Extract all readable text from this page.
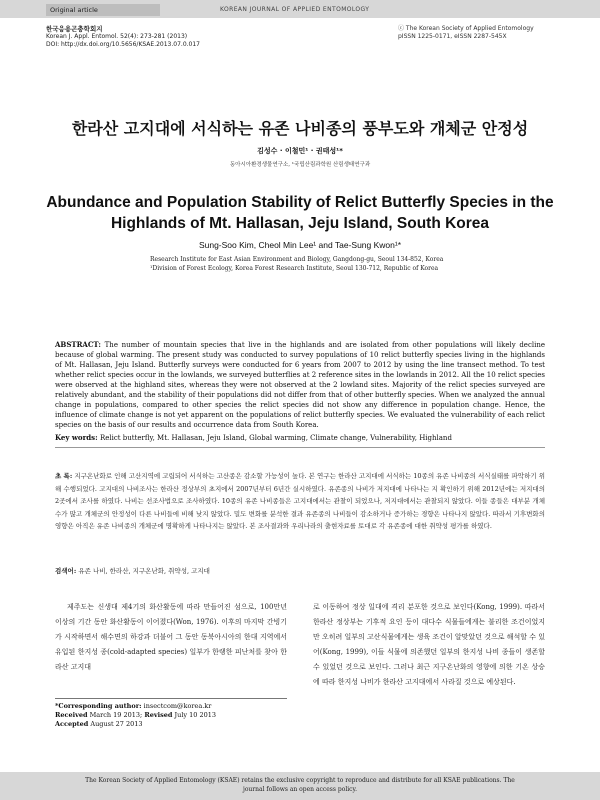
Original article	KOREAN JOURNAL OF APPLIED ENTOMOLOGY
한국응용곤충학회지
Korean J. Appl. Entomol. 52(4): 273-281 (2013)
DOI: http://dx.doi.org/10.5656/KSAE.2013.07.0.017
ⓒ The Korean Society of Applied Entomology
pISSN 1225-0171, eISSN 2287-545X
한라산 고지대에 서식하는 유존 나비종의 풍부도와 개체군 안정성
김성수 · 이철민¹ · 권태성¹*
동아시아환경생물연구소, ¹국립산림과학원 산림생태연구과
Abundance and Population Stability of Relict Butterfly Species in the Highlands of Mt. Hallasan, Jeju Island, South Korea
Sung-Soo Kim, Cheol Min Lee¹ and Tae-Sung Kwon¹*
Research Institute for East Asian Environment and Biology, Gangdong-gu, Seoul 134-852, Korea
¹Division of Forest Ecology, Korea Forest Research Institute, Seoul 130-712, Republic of Korea

ABSTRACT: The number of mountain species that live in the highlands and are isolated from other populations will likely decline because of global warming. The present study was conducted to survey populations of 10 relict butterfly species living in the highlands of Mt. Hallasan, Jeju Island. Butterfly surveys were conducted for 6 years from 2007 to 2012 by using the line transect method. To test whether relict species occur in the lowlands, we surveyed butterflies at 2 reference sites in the lowlands in 2012. All the 10 relict species were observed at the highland sites, whereas they were not observed at the 2 lowland sites. Majority of the relict species surveyed are relatively abundant, and the stability of their populations did not differ from that of other butterfly species. When we analyzed the annual change in populations, compared to other species the relict species did not show any difference in population change. Hence, the influence of climate change is not yet apparent on the populations of relict butterfly species. We evaluated the vulnerability of each relict species on the basis of our results and occurrence data from South Korea.

Key words: Relict butterfly, Mt. Hallasan, Jeju Island, Global warming, Climate change, Vulnerability, Highland

초 록: 지구온난화로 인해 고산지역에 고립되어 서식하는 고산종은 감소할 가능성이 높다. 본 연구는 한라산 고지대에 서식하는 10종의 유존 나비종의 서식실태를 파악하기 위해 수행되었다. 고지대의 나비조사는 한라산 정상부의 초지에서 2007년부터 6년간 실시하였다. 유존종의 나비가 저지대에 나타나는 지 확인하기 위해 2012년에는 저지대의 2곳에서 조사를 하였다. 나비는 선조사법으로 조사하였다. 10종의 유존 나비종들은 고지대에서는 관찰이 되었으나, 저지대에서는 관찰되지 않았다. 이들 종들은 대부분 개체수가 많고 개체군의 안정성이 다른 나비들에 비해 낮지 않았다. 밀도 변화를 분석한 결과 유존종의 나비들이 감소하거나 증가하는 경향은 나타나지 않았다. 따라서 기후변화의 영향은 아직은 유존 나비종의 개체군에 명확하게 나타나지는 않았다. 본 조사결과와 우리나라의 출현자료를 토대로 각 유존종에 대한 취약성 평가를 하였다.
검색어: 유존 나비, 한라산, 지구온난화, 취약성, 고지대

제주도는 신생대 제4기의 화산활동에 따라 만들어진 섬으로, 100만년 이상의 기간 동안 화산활동이 이어졌다(Won, 1976). 이후의 마지막 간빙기가 시작하면서 해수면의 하강과 더불어 그 동안 동북아시아의 한대 지역에서 유입된 한지성 종(cold-adapted species) 일부가 한랭한 피난처를 찾아 한라산 고지대

로 이동하여 정상 일대에 격리 분포한 것으로 보인다(Kong, 1999). 따라서 한라산 정상부는 기후적 요인 등이 대다수 식물들에게는 불리한 조건이었지만 오히려 일부의 고산식물에게는 생육 조건이 알맞았던 것으로 해석할 수 있어(Kong, 1999), 이들 식물에 의존했던 일부의 한지성 나비 종들이 생존할 수 있었던 것으로 보인다. 그러나 최근 지구온난화의 영향에 의한 기온 상승에 따라 한지성 나비가 한라산 고지대에서 사라질 것으로 예상된다.

*Corresponding author: insectcom@korea.kr
Received March 19 2013; Revised July 10 2013
Accepted August 27 2013
The Korean Society of Applied Entomology (KSAE) retains the exclusive copyright to reproduce and distribute for all KSAE publications. The journal follows an open access policy.
